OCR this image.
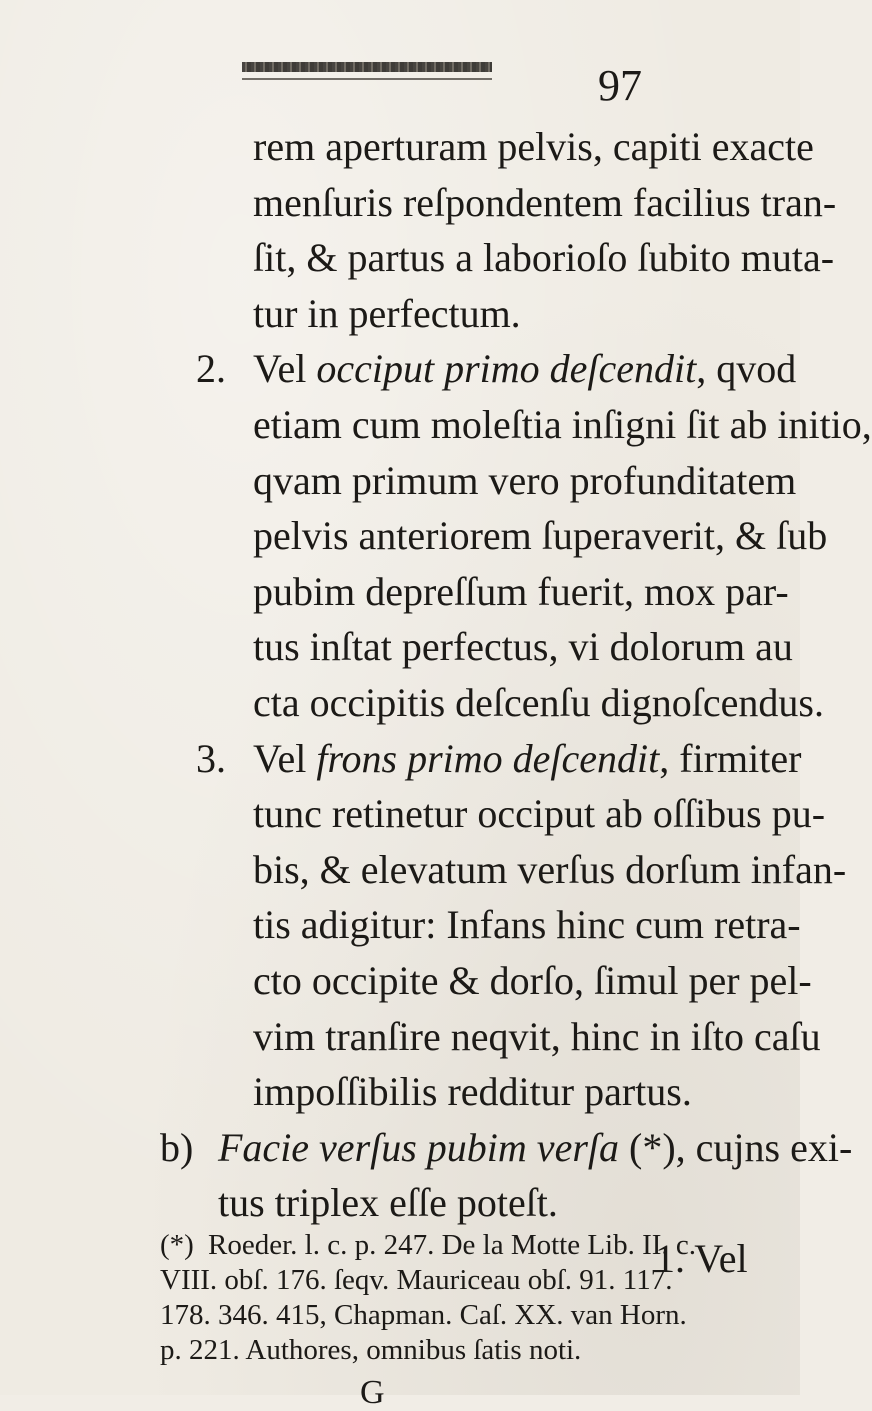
97
rem aperturam pelvis, capiti exacte
menſuris reſpondentem facilius tran-
ſit, & partus a laborioſo ſubito muta-
tur in perfectum.
2. Vel occiput primo deſcendit, qvod
etiam cum moleſtia inſigni ſit ab initio,
qvam primum vero profunditatem
pelvis anteriorem ſuperaverit, & ſub
pubim depreſſum fuerit, mox par-
tus inſtat perfectus, vi dolorum au
cta occipitis deſcenſu dignoſcendus.
3. Vel frons primo deſcendit, firmiter
tunc retinetur occiput ab oſſibus pu-
bis, & elevatum verſus dorſum infan-
tis adigitur: Infans hinc cum retra-
cto occipite & dorſo, ſimul per pel-
vim tranſire neqvit, hinc in iſto caſu
impoſſibilis redditur partus.
b) Facie verſus pubim verſa (*), cujns exi-
tus triplex eſſe poteſt.
1. Vel
(*) Roeder. l. c. p. 247. De la Motte Lib. II. c.
G
VIII. obſ. 176. ſeqv. Mauriceau obſ. 91. 117.
178. 346. 415, Chapman. Caſ. XX. van Horn.
p. 221. Authores, omnibus ſatis noti.
